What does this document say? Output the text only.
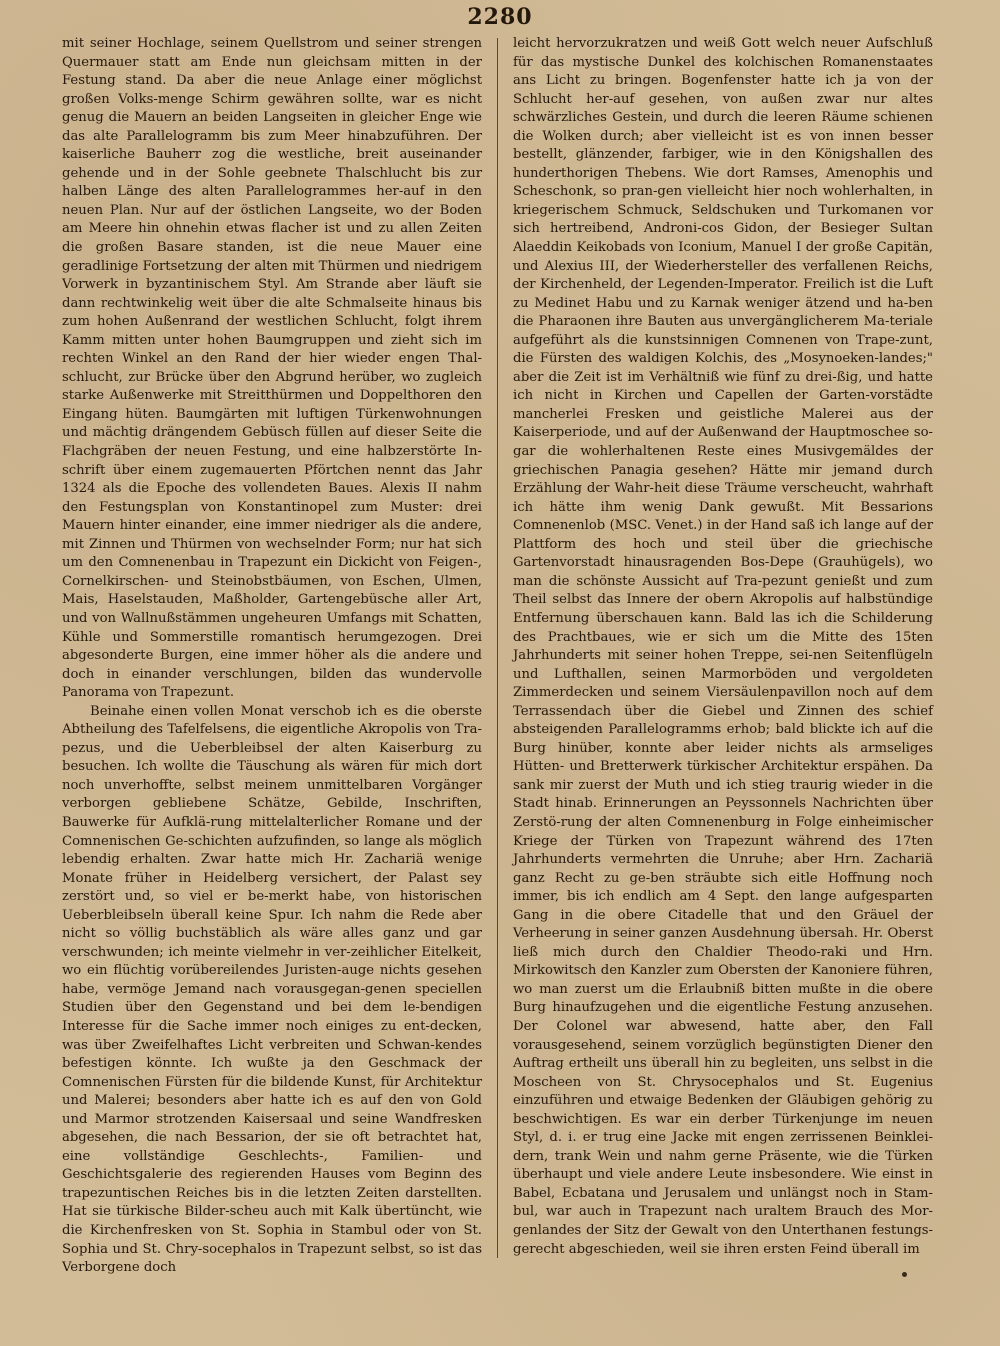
2280

mit seiner Hochlage, seinem Quellstrom und seiner strengen Quermauer statt am Ende nun gleichsam mitten in der Festung stand. Da aber die neue Anlage einer möglichst großen Volks-menge Schirm gewähren sollte, war es nicht genug die Mauern an beiden Langseiten in gleicher Enge wie das alte Parallelogramm bis zum Meer hinabzuführen. Der kaiserliche Bauherr zog die westliche, breit auseinander gehende und in der Sohle geebnete Thalschlucht bis zur halben Länge des alten Parallelogrammes her-auf in den neuen Plan. Nur auf der östlichen Langseite, wo der Boden am Meere hin ohnehin etwas flacher ist und zu allen Zeiten die großen Basare standen, ist die neue Mauer eine geradlinige Fortsetzung der alten mit Thürmen und niedrigem Vorwerk in byzantinischem Styl. Am Strande aber läuft sie dann rechtwinkelig weit über die alte Schmalseite hinaus bis zum hohen Außenrand der westlichen Schlucht, folgt ihrem Kamm mitten unter hohen Baumgruppen und zieht sich im rechten Winkel an den Rand der hier wieder engen Thal-schlucht, zur Brücke über den Abgrund herüber, wo zugleich starke Außenwerke mit Streitthürmen und Doppelthoren den Eingang hüten. Baumgärten mit luftigen Türkenwohnungen und mächtig drängendem Gebüsch füllen auf dieser Seite die Flachgräben der neuen Festung, und eine halbzerstörte In-schrift über einem zugemauerten Pförtchen nennt das Jahr 1324 als die Epoche des vollendeten Baues. Alexis II nahm den Festungsplan von Konstantinopel zum Muster: drei Mauern hinter einander, eine immer niedriger als die andere, mit Zinnen und Thürmen von wechselnder Form; nur hat sich um den Comnenenbau in Trapezunt ein Dickicht von Feigen-, Cornelkirschen- und Steinobstbäumen, von Eschen, Ulmen, Mais, Haselstauden, Maßholder, Gartengebüsche aller Art, und von Wallnußstämmen ungeheuren Umfangs mit Schatten, Kühle und Sommerstille romantisch herumgezogen. Drei abgesonderte Burgen, eine immer höher als die andere und doch in einander verschlungen, bilden das wundervolle Panorama von Trapezunt.

Beinahe einen vollen Monat verschob ich es die oberste Abtheilung des Tafelfelsens, die eigentliche Akropolis von Tra-pezus, und die Ueberbleibsel der alten Kaiserburg zu besuchen. Ich wollte die Täuschung als wären für mich dort noch unverhoffte, selbst meinem unmittelbaren Vorgänger verborgen gebliebene Schätze, Gebilde, Inschriften, Bauwerke für Aufklä-rung mittelalterlicher Romane und der Comnenischen Ge-schichten aufzufinden, so lange als möglich lebendig erhalten. Zwar hatte mich Hr. Zachariä wenige Monate früher in Heidelberg versichert, der Palast sey zerstört und, so viel er be-merkt habe, von historischen Ueberbleibseln überall keine Spur. Ich nahm die Rede aber nicht so völlig buchstäblich als wäre alles ganz und gar verschwunden; ich meinte vielmehr in ver-zeihlicher Eitelkeit, wo ein flüchtig vorübereilendes Juristen-auge nichts gesehen habe, vermöge Jemand nach vorausgegan-genen speciellen Studien über den Gegenstand und bei dem le-bendigen Interesse für die Sache immer noch einiges zu ent-decken, was über Zweifelhaftes Licht verbreiten und Schwan-kendes befestigen könnte. Ich wußte ja den Geschmack der Comnenischen Fürsten für die bildende Kunst, für Architektur und Malerei; besonders aber hatte ich es auf den von Gold und Marmor strotzenden Kaisersaal und seine Wandfresken abgesehen, die nach Bessarion, der sie oft betrachtet hat, eine vollständige Geschlechts-, Familien- und Geschichtsgalerie des regierenden Hauses vom Beginn des trapezuntischen Reiches bis in die letzten Zeiten darstellten. Hat sie türkische Bilder-scheu auch mit Kalk übertüncht, wie die Kirchenfresken von St. Sophia in Stambul oder von St. Sophia und St. Chry-socephalos in Trapezunt selbst, so ist das Verborgene doch

leicht hervorzukratzen und weiß Gott welch neuer Aufschluß für das mystische Dunkel des kolchischen Romanenstaates ans Licht zu bringen. Bogenfenster hatte ich ja von der Schlucht her-auf gesehen, von außen zwar nur altes schwärzliches Gestein, und durch die leeren Räume schienen die Wolken durch; aber vielleicht ist es von innen besser bestellt, glänzender, farbiger, wie in den Königshallen des hunderthorigen Thebens. Wie dort Ramses, Amenophis und Scheschonk, so pran-gen vielleicht hier noch wohlerhalten, in kriegerischem Schmuck, Seldschuken und Turkomanen vor sich hertreibend, Androni-cos Gidon, der Besieger Sultan Alaeddin Keikobads von Iconium, Manuel I der große Capitän, und Alexius III, der Wiederhersteller des verfallenen Reichs, der Kirchenheld, der Legenden-Imperator. Freilich ist die Luft zu Medinet Habu und zu Karnak weniger ätzend und ha-ben die Pharaonen ihre Bauten aus unvergänglicherem Ma-teriale aufgeführt als die kunstsinnigen Comnenen von Trape-zunt, die Fürsten des waldigen Kolchis, des „Mosynoeken-landes;" aber die Zeit ist im Verhältniß wie fünf zu drei-ßig, und hatte ich nicht in Kirchen und Capellen der Garten-vorstädte mancherlei Fresken und geistliche Malerei aus der Kaiserperiode, und auf der Außenwand der Hauptmoschee so-gar die wohlerhaltenen Reste eines Musivgemäldes der griechischen Panagia gesehen? Hätte mir jemand durch Erzählung der Wahr-heit diese Träume verscheucht, wahrhaft ich hätte ihm wenig Dank gewußt. Mit Bessarions Comnenenlob (MSC. Venet.) in der Hand saß ich lange auf der Plattform des hoch und steil über die griechische Gartenvorstadt hinausragenden Bos-Depe (Grauhügels), wo man die schönste Aussicht auf Tra-pezunt genießt und zum Theil selbst das Innere der obern Akropolis auf halbstündige Entfernung überschauen kann. Bald las ich die Schilderung des Prachtbaues, wie er sich um die Mitte des 15ten Jahrhunderts mit seiner hohen Treppe, sei-nen Seitenflügeln und Lufthallen, seinen Marmorböden und vergoldeten Zimmerdecken und seinem Viersäulenpavillon noch auf dem Terrassendach über die Giebel und Zinnen des schief absteigenden Parallelogramms erhob; bald blickte ich auf die Burg hinüber, konnte aber leider nichts als armseliges Hütten- und Bretterwerk türkischer Architektur erspähen. Da sank mir zuerst der Muth und ich stieg traurig wieder in die Stadt hinab. Erinnerungen an Peyssonnels Nachrichten über Zerstö-rung der alten Comnenenburg in Folge einheimischer Kriege der Türken von Trapezunt während des 17ten Jahrhunderts vermehrten die Unruhe; aber Hrn. Zachariä ganz Recht zu ge-ben sträubte sich eitle Hoffnung noch immer, bis ich endlich am 4 Sept. den lange aufgesparten Gang in die obere Citadelle that und den Gräuel der Verheerung in seiner ganzen Ausdehnung übersah. Hr. Oberst ließ mich durch den Chaldier Theodo-raki und Hrn. Mirkowitsch den Kanzler zum Obersten der Kanoniere führen, wo man zuerst um die Erlaubniß bitten mußte in die obere Burg hinaufzugehen und die eigentliche Festung anzusehen. Der Colonel war abwesend, hatte aber, den Fall vorausgesehend, seinem vorzüglich begünstigten Diener den Auftrag ertheilt uns überall hin zu begleiten, uns selbst in die Moscheen von St. Chrysocephalos und St. Eugenius einzuführen und etwaige Bedenken der Gläubigen gehörig zu beschwichtigen. Es war ein derber Türkenjunge im neuen Styl, d. i. er trug eine Jacke mit engen zerrissenen Beinklei-dern, trank Wein und nahm gerne Präsente, wie die Türken überhaupt und viele andere Leute insbesondere. Wie einst in Babel, Ecbatana und Jerusalem und unlängst noch in Stam-bul, war auch in Trapezunt nach uraltem Brauch des Mor-genlandes der Sitz der Gewalt von den Unterthanen festungs-gerecht abgeschieden, weil sie ihren ersten Feind überall im
